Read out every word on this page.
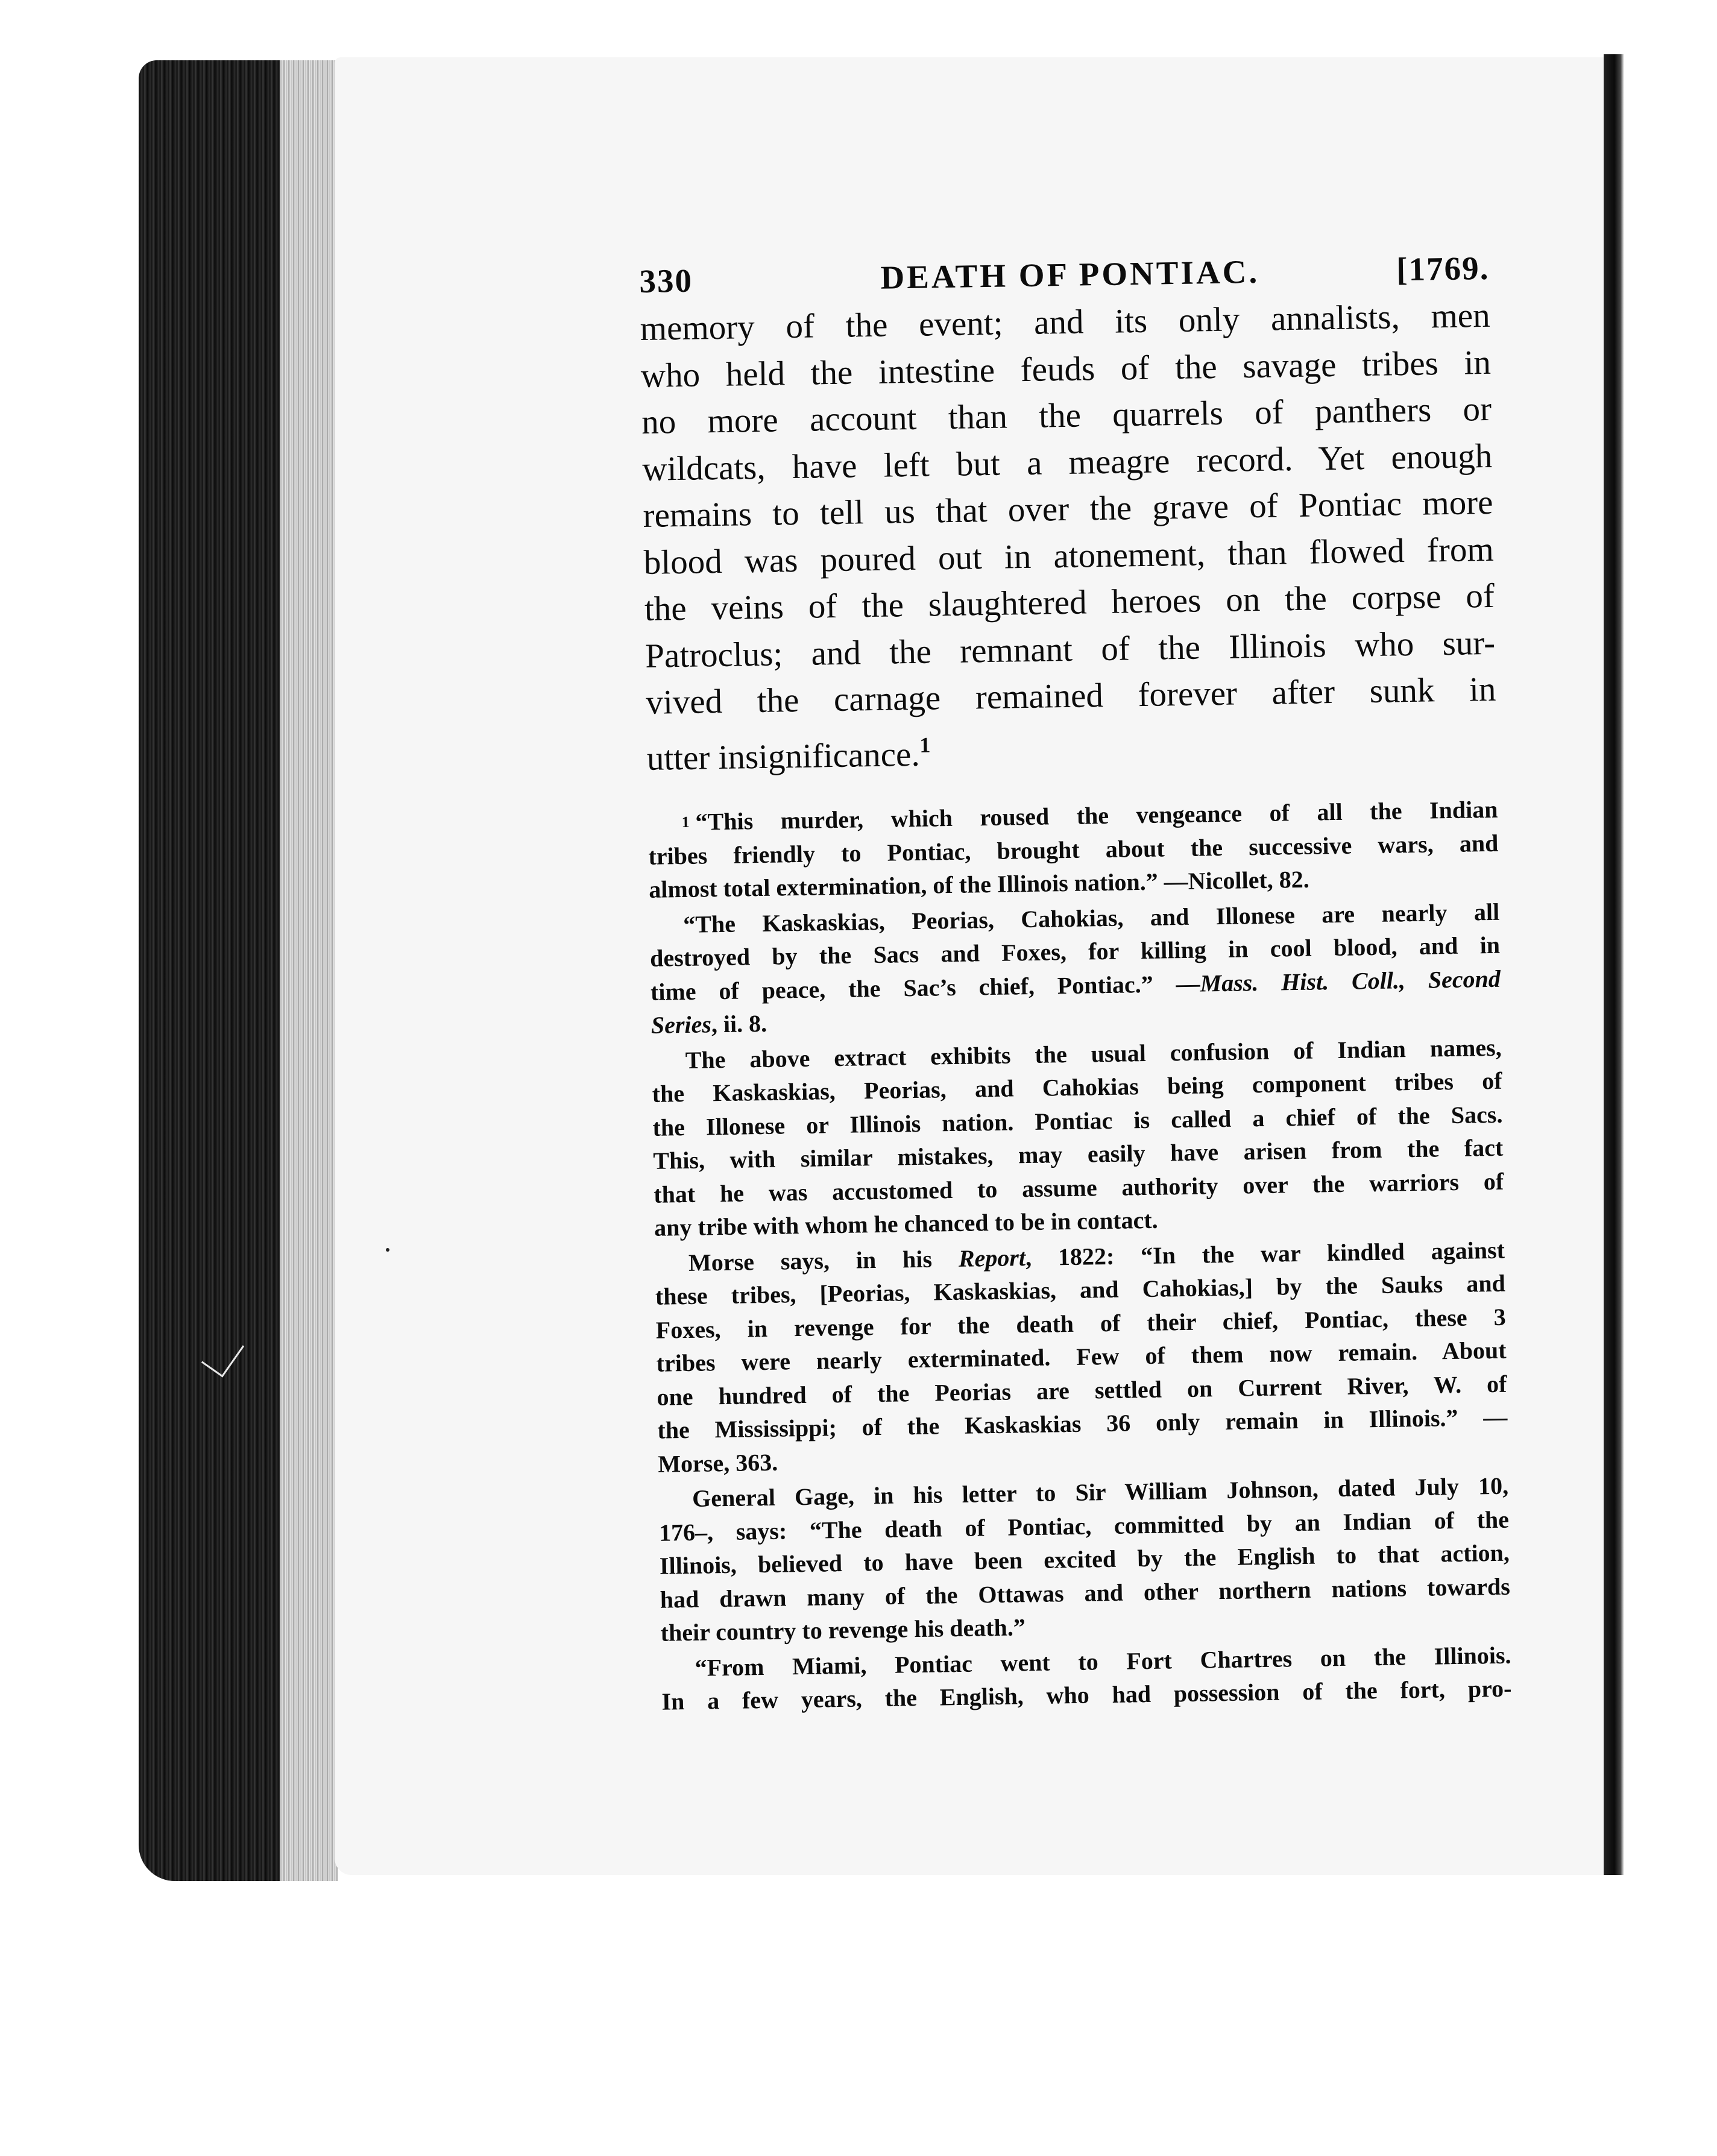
330	DEATH OF PONTIAC.	[1769.
memory of the event; and its only annalists, men
who held the intestine feuds of the savage tribes in
no more account than the quarrels of panthers or
wildcats, have left but a meagre record. Yet enough
remains to tell us that over the grave of Pontiac more
blood was poured out in atonement, than flowed from
the veins of the slaughtered heroes on the corpse of
Patroclus; and the remnant of the Illinois who sur-
vived the carnage remained forever after sunk in
utter insignificance.$^1$
$^1$ “This murder, which roused the vengeance of all the Indian
tribes friendly to Pontiac, brought about the successive wars, and
almost total extermination, of the Illinois nation.” —Nicollet, 82.
“The Kaskaskias, Peorias, Cahokias, and Illonese are nearly all
destroyed by the Sacs and Foxes, for killing in cool blood, and in
time of peace, the Sac’s chief, Pontiac.” —Mass. Hist. Coll., Second
Series, ii. 8.
The above extract exhibits the usual confusion of Indian names,
the Kaskaskias, Peorias, and Cahokias being component tribes of
the Illonese or Illinois nation. Pontiac is called a chief of the Sacs.
This, with similar mistakes, may easily have arisen from the fact
that he was accustomed to assume authority over the warriors of
any tribe with whom he chanced to be in contact.
Morse says, in his Report, 1822: “In the war kindled against
these tribes, [Peorias, Kaskaskias, and Cahokias,] by the Sauks and
Foxes, in revenge for the death of their chief, Pontiac, these 3
tribes were nearly exterminated. Few of them now remain. About
one hundred of the Peorias are settled on Current River, W. of
the Mississippi; of the Kaskaskias 36 only remain in Illinois.” —
Morse, 363.
General Gage, in his letter to Sir William Johnson, dated July 10,
176–, says: “The death of Pontiac, committed by an Indian of the
Illinois, believed to have been excited by the English to that action,
had drawn many of the Ottawas and other northern nations towards
their country to revenge his death.”
“From Miami, Pontiac went to Fort Chartres on the Illinois.
In a few years, the English, who had possession of the fort, pro-
